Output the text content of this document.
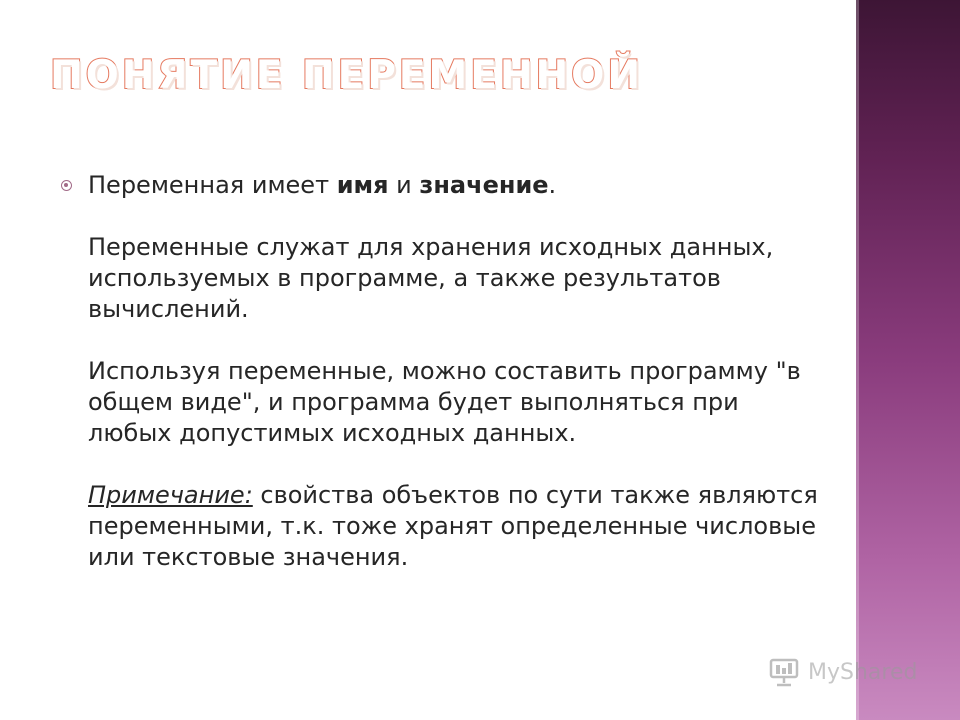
ПОНЯТИЕ ПЕРЕМЕННОЙ

Переменная имеет имя и значение.

Переменные служат для хранения исходных данных, используемых в программе, а также результатов вычислений.

Используя переменные, можно составить программу "в общем виде", и программа будет выполняться при любых допустимых исходных данных.

Примечание: свойства объектов по сути также являются переменными, т.к. тоже хранят определенные числовые или текстовые значения.

MyShared
